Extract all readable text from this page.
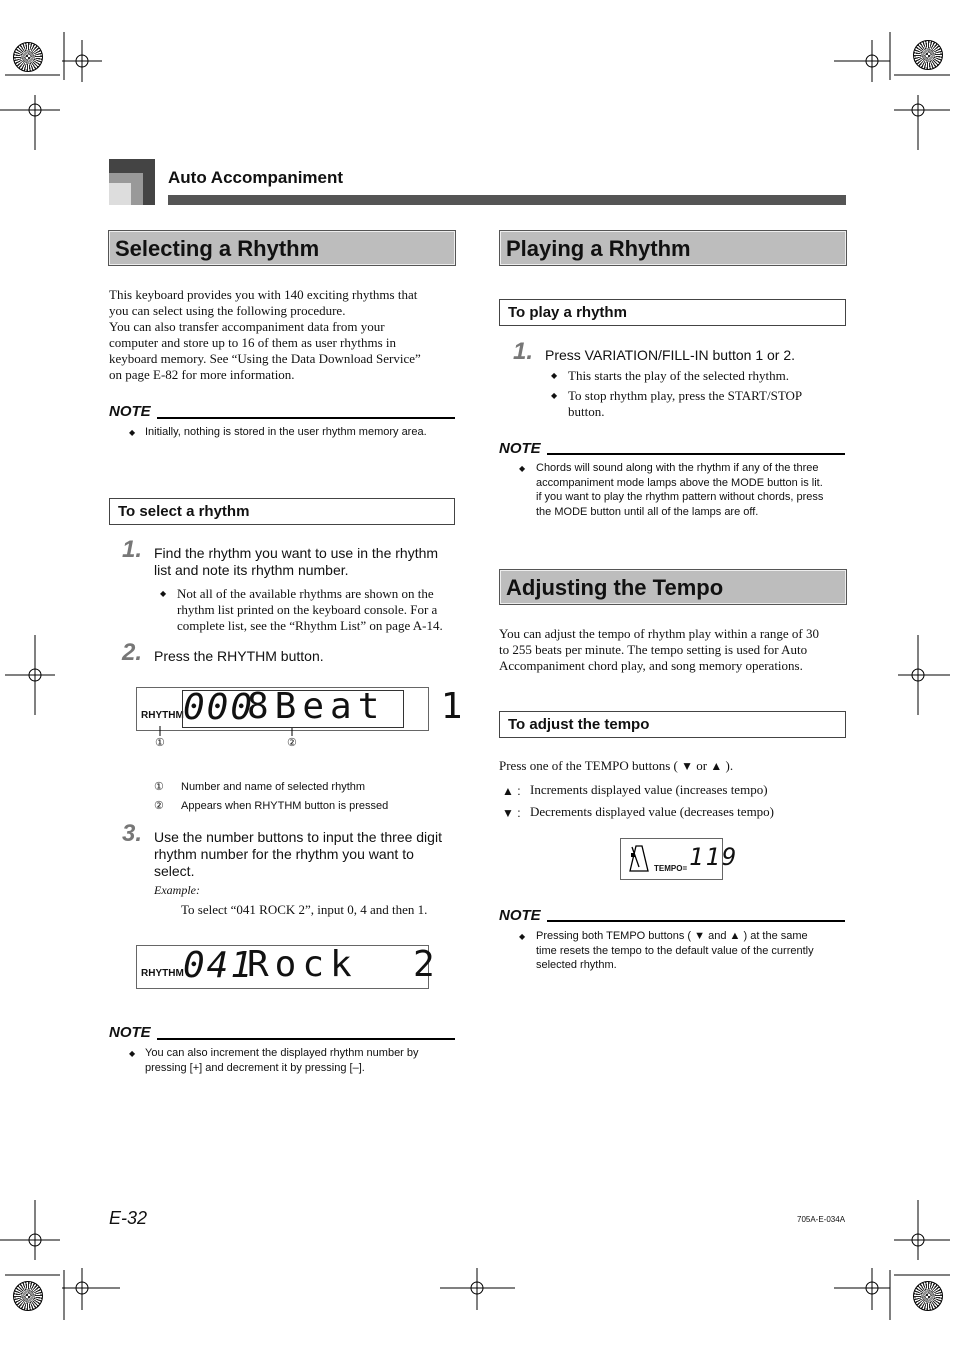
Auto Accompaniment
Selecting a Rhythm
This keyboard provides you with 140 exciting rhythms that
you can select using the following procedure.
You can also transfer accompaniment data from your
computer and store up to 16 of them as user rhythms in
keyboard memory. See “Using the Data Download Service”
on page E-82 for more information.
NOTE
◆ Initially, nothing is stored in the user rhythm memory area.
To select a rhythm
1. Find the rhythm you want to use in the rhythm
list and note its rhythm number.
◆ Not all of the available rhythms are shown on the
rhythm list printed on the keyboard console. For a
complete list, see the “Rhythm List” on page A-14.
2. Press the RHYTHM button.
RHYTHM 000
8Beat  1
①	②
① Number and name of selected rhythm
② Appears when RHYTHM button is pressed
3. Use the number buttons to input the three digit
rhythm number for the rhythm you want to
select.
Example:
To select “041 ROCK 2”, input 0, 4 and then 1.
RHYTHM 041
Rock  2
NOTE
◆ You can also increment the displayed rhythm number by
pressing [+] and decrement it by pressing [–].
Playing a Rhythm
To play a rhythm
1. Press VARIATION/FILL-IN button 1 or 2.
◆ This starts the play of the selected rhythm.
◆ To stop rhythm play, press the START/STOP
button.
NOTE
◆ Chords will sound along with the rhythm if any of the three
accompaniment mode lamps above the MODE button is lit.
if you want to play the rhythm pattern without chords, press
the MODE button until all of the lamps are off.
Adjusting the Tempo
You can adjust the tempo of rhythm play within a range of 30
to 255 beats per minute. The tempo setting is used for Auto
Accompaniment chord play, and song memory operations.
To adjust the tempo
Press one of the TEMPO buttons ( ▼ or ▲ ).
▲ : Increments displayed value (increases tempo)
▼ : Decrements displayed value (decreases tempo)
TEMPO= 119
NOTE
◆ Pressing both TEMPO buttons ( ▼ and ▲ ) at the same
time resets the tempo to the default value of the currently
selected rhythm.
E-32	705A-E-034A
